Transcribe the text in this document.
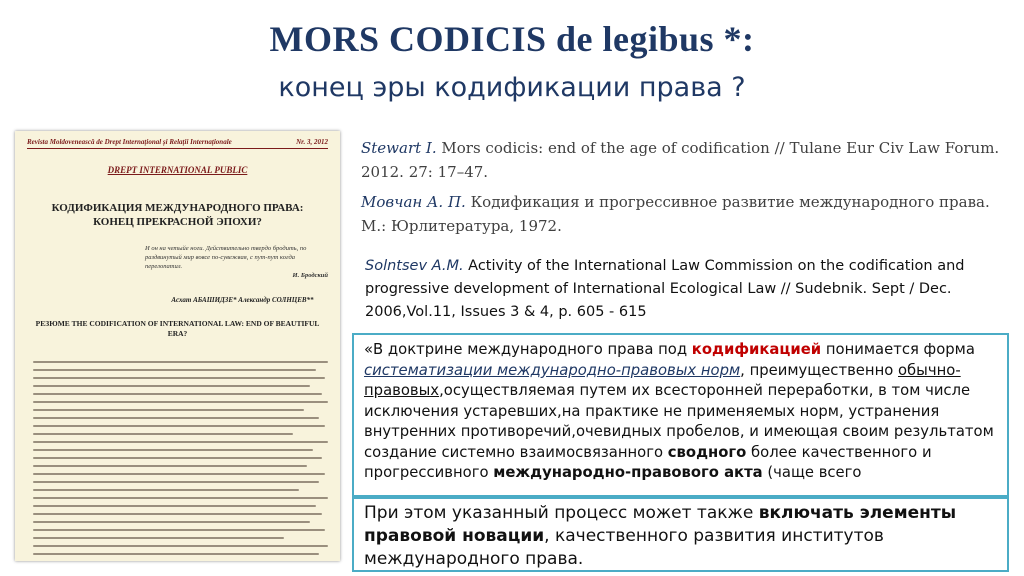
MORS CODICIS de legibus *:
конец эры кодификации права ?
Revista Moldovenească de Drept Internațional și Relații Internaționale	Nr. 3, 2012
DREPT INTERNATIONAL PUBLIC
КОДИФИКАЦИЯ МЕЖДУНАРОДНОГО ПРАВА: КОНЕЦ ПРЕКРАСНОЙ ЭПОХИ?
И он на четыйе ноги. Действительно твердо бродить, по раздвинутый мир вовсе по-сувежвая, с пут-пут когда перелопатил.

И. Бродский
Асхат АБАШИДЗЕ* Александр СОЛНЦЕВ**
РЕЗЮМЕ THE CODIFICATION OF INTERNATIONAL LAW: END OF BEAUTIFUL ERA?
Stewart I. Mors codicis: end of the age of codification // Tulane Eur Civ Law Forum. 2012. 27: 17–47.
Мовчан А. П. Кодификация и прогрессивное развитие международного права. М.: Юрлитература, 1972.
Solntsev A.M. Activity of the International Law Commission on the codification and progressive development of International Ecological Law // Sudebnik. Sept / Dec. 2006,Vol.11, Issues 3 & 4, p. 605 - 615
«В доктрине международного права под кодификацией понимается форма систематизации международно-правовых норм, преимущественно обычно-правовых,осуществляемая путем их всесторонней переработки, в том числе исключения устаревших,на практике не применяемых норм, устранения внутренних противоречий,очевидных пробелов, и имеющая своим результатом создание системно взаимосвязанного сводного более качественного и прогрессивного международно-правового акта (чаще всего
При этом указанный процесс может также включать элементы правовой новации, качественного развития институтов международного права.
